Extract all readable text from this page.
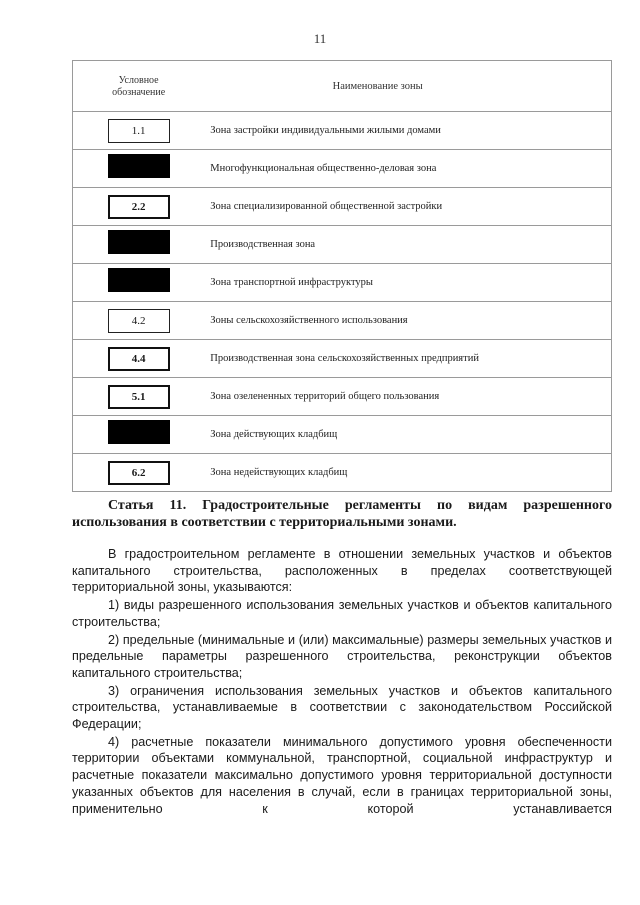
11
Условное
обозначение	Наименование зоны

1.1	Зона застройки индивидуальными жилыми домами

	Многофункциональная общественно-деловая зона

2.2	Зона специализированной общественной застройки

	Производственная зона

	Зона транспортной инфраструктуры

4.2	Зоны сельскохозяйственного использования

4.4	Производственная зона сельскохозяйственных предприятий

5.1	Зона озелененных территорий общего пользования

	Зона действующих кладбищ

6.2	Зона недействующих кладбищ
Статья 11. Градостроительные регламенты по видам разрешенного использования в соответствии с территориальными зонами.

В градостроительном регламенте в отношении земельных участков и объектов капитального строительства, расположенных в пределах соответствующей территориальной зоны, указываются:

1) виды разрешенного использования земельных участков и объектов капитального строительства;

2) предельные (минимальные и (или) максимальные) размеры земельных участков и предельные параметры разрешенного строительства, реконструкции объектов капитального строительства;

3) ограничения использования земельных участков и объектов капитального строительства, устанавливаемые в соответствии с законодательством Российской Федерации;

4) расчетные показатели минимального допустимого уровня обеспеченности территории объектами коммунальной, транспортной, социальной инфраструктур и расчетные показатели максимально допустимого уровня территориальной доступности указанных объектов для населения в случай, если в границах территориальной зоны, применительно к которой устанавливается
